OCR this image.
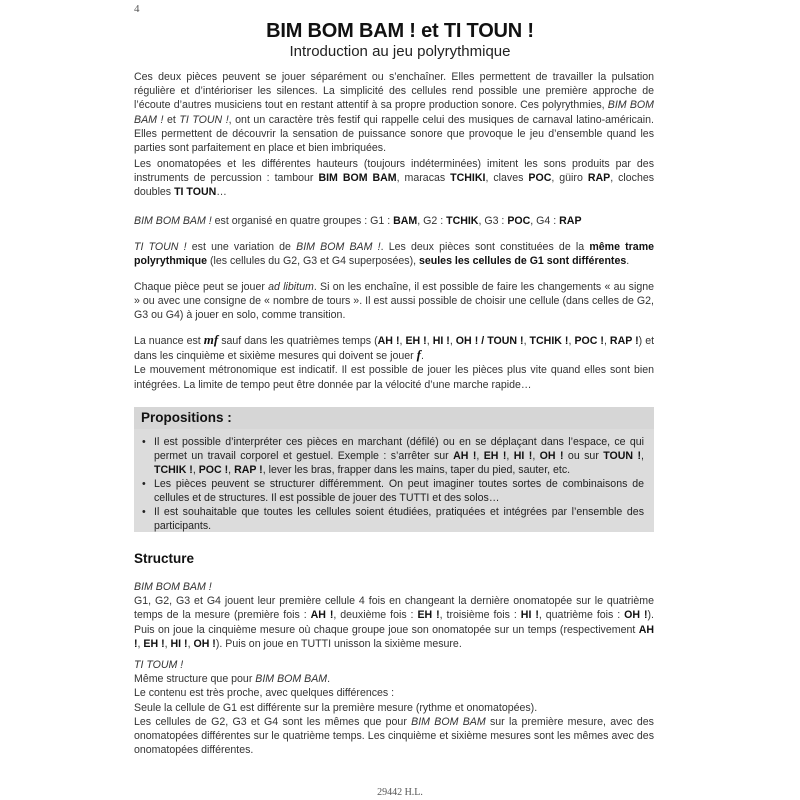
4
BIM BOM BAM ! et TI TOUN !
Introduction au jeu polyrythmique
Ces deux pièces peuvent se jouer séparément ou s’enchaîner. Elles permettent de travailler la pulsation régulière et d’intérioriser les silences. La simplicité des cellules rend possible une première approche de l’écoute d’autres musiciens tout en restant attentif à sa propre production sonore. Ces polyrythmies, BIM BOM BAM ! et TI TOUN !, ont un caractère très festif qui rappelle celui des musiques de carnaval latino-américain. Elles permettent de découvrir la sensation de puissance sonore que provoque le jeu d’ensemble quand les parties sont parfaitement en place et bien imbriquées.
Les onomatopées et les différentes hauteurs (toujours indéterminées) imitent les sons produits par des instruments de percussion : tambour BIM BOM BAM, maracas TCHIKI, claves POC, güiro RAP, cloches doubles TI TOUN…
BIM BOM BAM ! est organisé en quatre groupes : G1 : BAM, G2 : TCHIK, G3 : POC, G4 : RAP
TI TOUN ! est une variation de BIM BOM BAM !. Les deux pièces sont constituées de la même trame polyrythmique (les cellules du G2, G3 et G4 superposées), seules les cellules de G1 sont différentes.
Chaque pièce peut se jouer ad libitum. Si on les enchaîne, il est possible de faire les changements « au signe » ou avec une consigne de « nombre de tours ». Il est aussi possible de choisir une cellule (dans celles de G2, G3 ou G4) à jouer en solo, comme transition.
La nuance est mf sauf dans les quatrièmes temps (AH !, EH !, HI !, OH ! / TOUN !, TCHIK !, POC !, RAP !) et dans les cinquième et sixième mesures qui doivent se jouer f.
Le mouvement métronomique est indicatif. Il est possible de jouer les pièces plus vite quand elles sont bien intégrées. La limite de tempo peut être donnée par la vélocité d’une marche rapide…
Propositions :
• Il est possible d’interpréter ces pièces en marchant (défilé) ou en se déplaçant dans l’espace, ce qui permet un travail corporel et gestuel. Exemple : s’arrêter sur AH !, EH !, HI !, OH ! ou sur TOUN !, TCHIK !, POC !, RAP !, lever les bras, frapper dans les mains, taper du pied, sauter, etc.
• Les pièces peuvent se structurer différemment. On peut imaginer toutes sortes de combinaisons de cellules et de structures. Il est possible de jouer des TUTTI et des solos…
• Il est souhaitable que toutes les cellules soient étudiées, pratiquées et intégrées par l’ensemble des participants.
Structure
BIM BOM BAM !
G1, G2, G3 et G4 jouent leur première cellule 4 fois en changeant la dernière onomatopée sur le quatrième temps de la mesure (première fois : AH !, deuxième fois : EH !, troisième fois : HI !, quatrième fois : OH !). Puis on joue la cinquième mesure où chaque groupe joue son onomatopée sur un temps (respectivement AH !, EH !, HI !, OH !). Puis on joue en TUTTI unisson la sixième mesure.
TI TOUM !
Même structure que pour BIM BOM BAM.
Le contenu est très proche, avec quelques différences :
Seule la cellule de G1 est différente sur la première mesure (rythme et onomatopées).
Les cellules de G2, G3 et G4 sont les mêmes que pour BIM BOM BAM sur la première mesure, avec des onomatopées différentes sur le quatrième temps. Les cinquième et sixième mesures sont les mêmes avec des onomatopées différentes.
29442 H.L.
